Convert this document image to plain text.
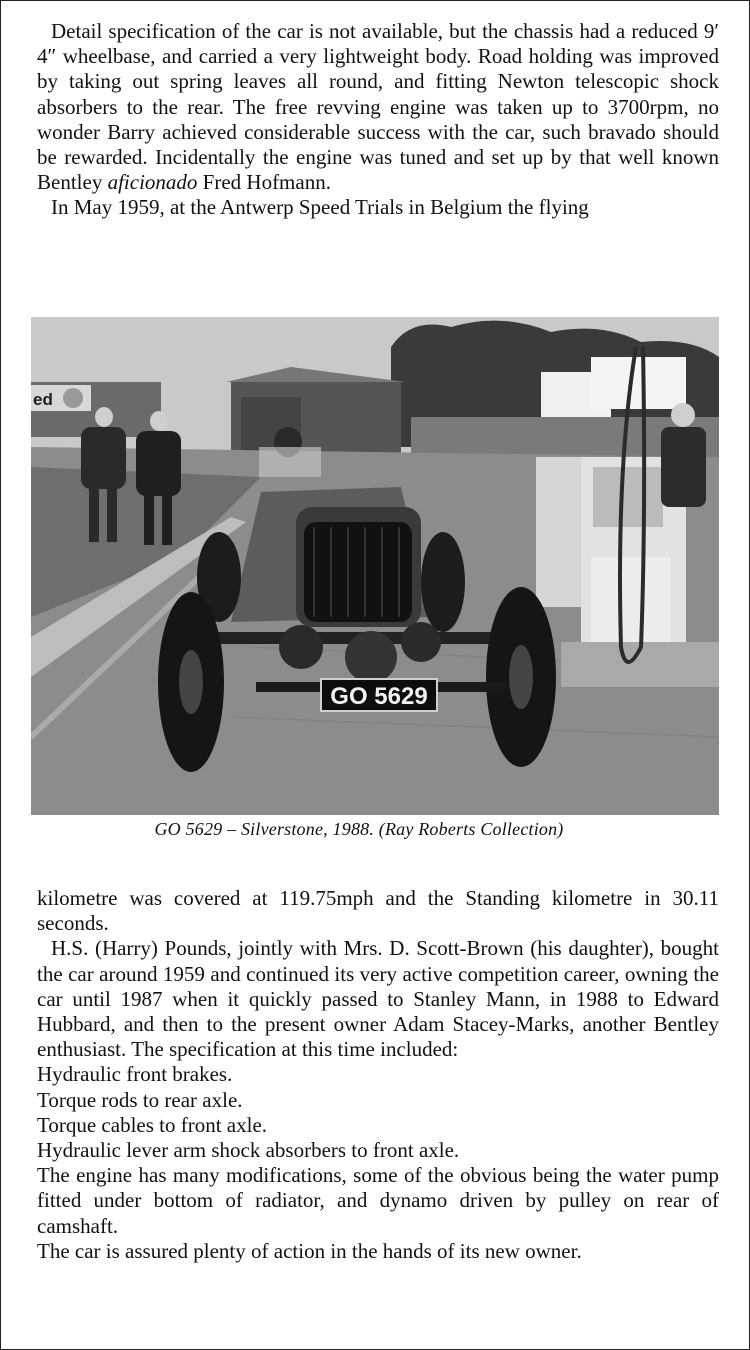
Detail specification of the car is not available, but the chassis had a reduced 9′ 4″ wheelbase, and carried a very lightweight body. Road holding was improved by taking out spring leaves all round, and fitting Newton telescopic shock absorbers to the rear. The free revving engine was taken up to 3700rpm, no wonder Barry achieved considerable success with the car, such bravado should be rewarded. Incidentally the engine was tuned and set up by that well known Bentley aficionado Fred Hofmann.

In May 1959, at the Antwerp Speed Trials in Belgium the flying

ed
GO 5629
GO 5629 – Silverstone, 1988. (Ray Roberts Collection)

kilometre was covered at 119.75mph and the Standing kilometre in 30.11 seconds.

H.S. (Harry) Pounds, jointly with Mrs. D. Scott-Brown (his daughter), bought the car around 1959 and continued its very active competition career, owning the car until 1987 when it quickly passed to Stanley Mann, in 1988 to Edward Hubbard, and then to the present owner Adam Stacey-Marks, another Bentley enthusiast. The specification at this time included:

Hydraulic front brakes.

Torque rods to rear axle.

Torque cables to front axle.

Hydraulic lever arm shock absorbers to front axle.

The engine has many modifications, some of the obvious being the water pump fitted under bottom of radiator, and dynamo driven by pulley on rear of camshaft.

The car is assured plenty of action in the hands of its new owner.
